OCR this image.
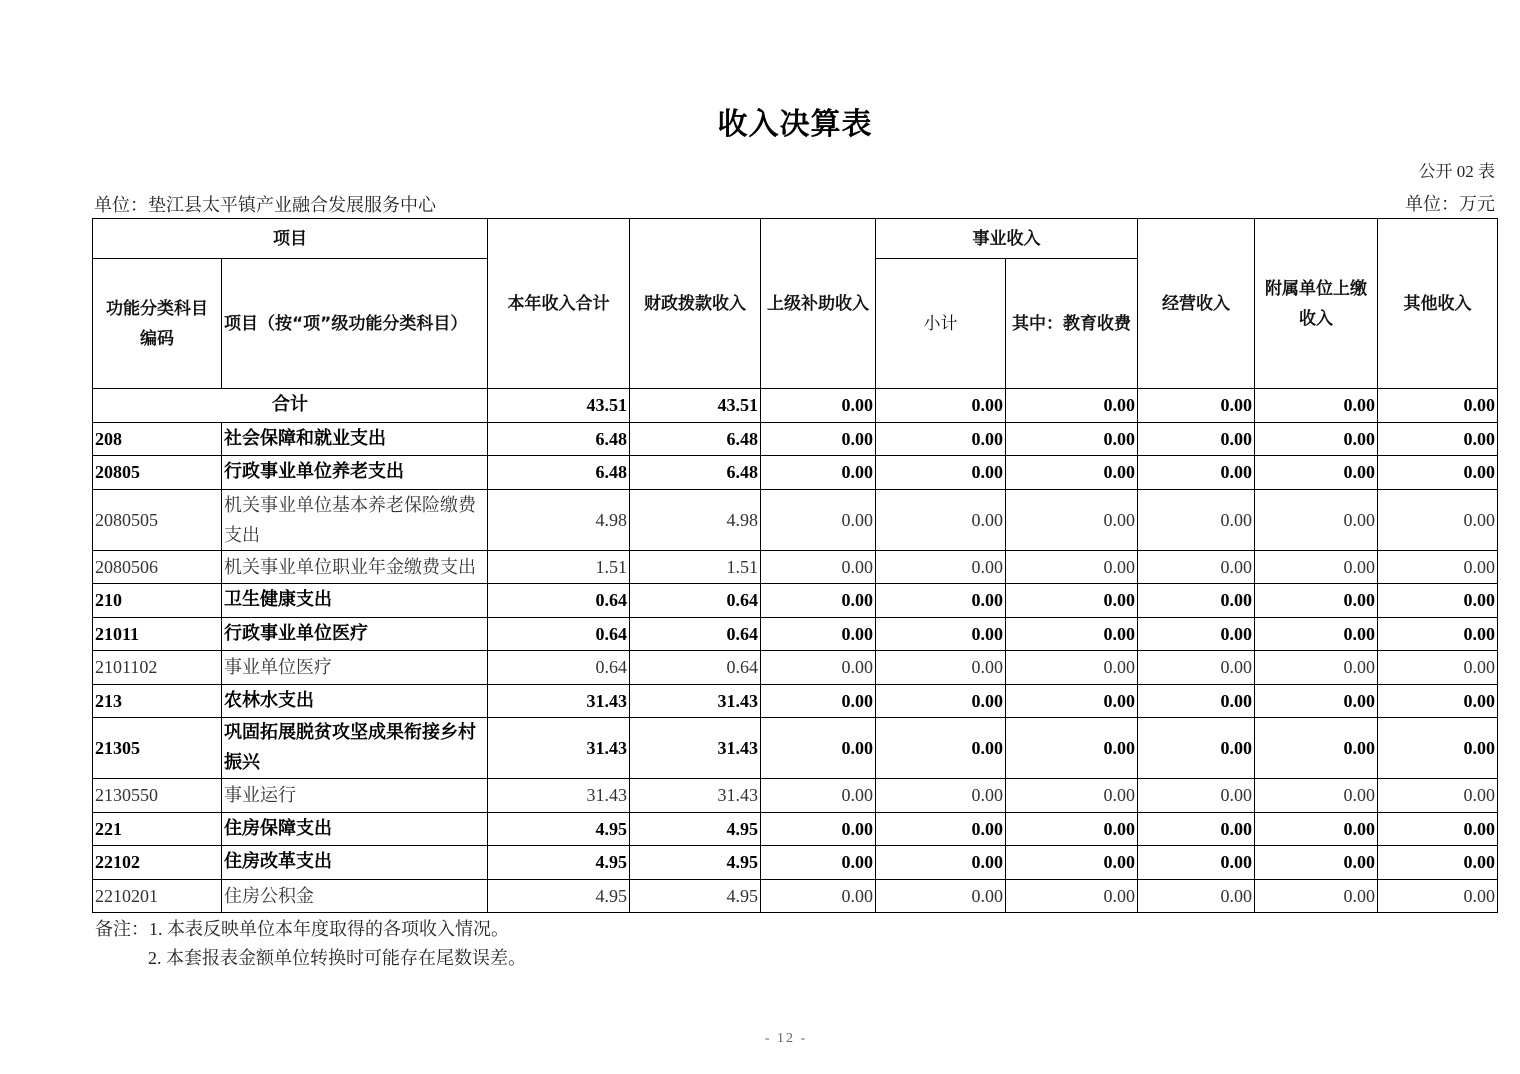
收入决算表
公开 02 表
单位：垫江县太平镇产业融合发展服务中心	单位：万元
项目		本年收入合计	财政拨款收入	上级补助收入	事业收入		经营收入	附属单位上缴收入	其他收入
功能分类科目编码	项目（按“项”级功能分类科目）				小计	其中：教育收费			
合计		43.51	43.51	0.00	0.00	0.00	0.00	0.00	0.00
208	社会保障和就业支出	6.48	6.48	0.00	0.00	0.00	0.00	0.00	0.00
20805	行政事业单位养老支出	6.48	6.48	0.00	0.00	0.00	0.00	0.00	0.00
2080505	机关事业单位基本养老保险缴费支出	4.98	4.98	0.00	0.00	0.00	0.00	0.00	0.00
2080506	机关事业单位职业年金缴费支出	1.51	1.51	0.00	0.00	0.00	0.00	0.00	0.00
210	卫生健康支出	0.64	0.64	0.00	0.00	0.00	0.00	0.00	0.00
21011	行政事业单位医疗	0.64	0.64	0.00	0.00	0.00	0.00	0.00	0.00
2101102	事业单位医疗	0.64	0.64	0.00	0.00	0.00	0.00	0.00	0.00
213	农林水支出	31.43	31.43	0.00	0.00	0.00	0.00	0.00	0.00
21305	巩固拓展脱贫攻坚成果衔接乡村振兴	31.43	31.43	0.00	0.00	0.00	0.00	0.00	0.00
2130550	事业运行	31.43	31.43	0.00	0.00	0.00	0.00	0.00	0.00
221	住房保障支出	4.95	4.95	0.00	0.00	0.00	0.00	0.00	0.00
22102	住房改革支出	4.95	4.95	0.00	0.00	0.00	0.00	0.00	0.00
2210201	住房公积金	4.95	4.95	0.00	0.00	0.00	0.00	0.00	0.00
备注：1. 本表反映单位本年度取得的各项收入情况。
2. 本套报表金额单位转换时可能存在尾数误差。
- 12 -
